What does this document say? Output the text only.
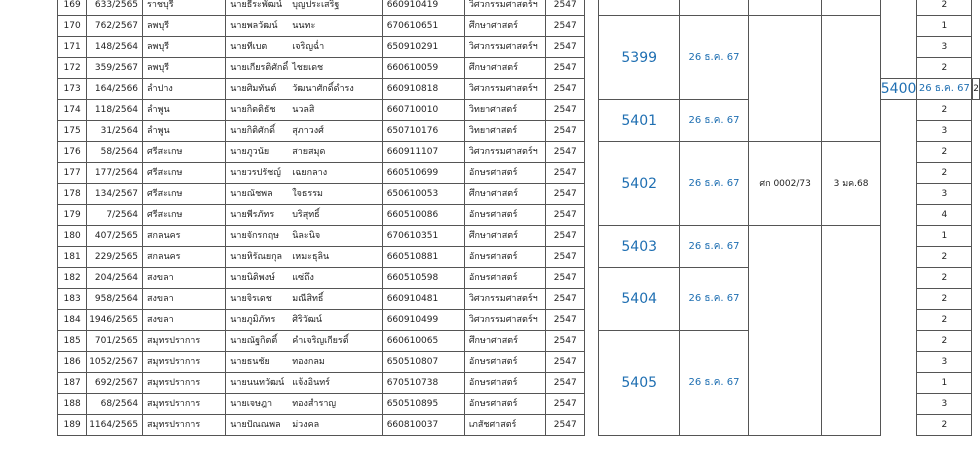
169	633/2565	ราชบุรี	นายธีระพัฒน์	บุญประเสริฐ	660910419	วิศวกรรมศาสตร์ฯ	2547							2	
170	762/2567	ลพบุรี	นายพลวัฒน์	นนทะ	670610651	ศึกษาศาสตร์	2547		5399	26 ธ.ค. 67				1	
171	148/2564	ลพบุรี	นายทีเบต	เจริญฉ่ำ	650910291	วิศวกรรมศาสตร์ฯ	2547							3	
172	359/2567	ลพบุรี	นายเกียรติศักดิ์	ไชยเดช	660610059	ศึกษาศาสตร์	2547							2	
173	164/2566	ลำปาง	นายศิมทันต์	วัฒนาศักดิ์ดำรง	660910818	วิศวกรรมศาสตร์ฯ	2547						5400	26 ธ.ค. 67		2
174	118/2564	ลำพูน	นายกิตติธัช	นวลสิ	660710010	วิทยาศาสตร์	2547		5401	26 ธ.ค. 67				2	
175	31/2564	ลำพูน	นายกิติศักดิ์	สุภาวงศ์	650710176	วิทยาศาสตร์	2547							3	
176	58/2564	ศรีสะเกษ	นายภูวนัย	สายสมุด	660911107	วิศวกรรมศาสตร์ฯ	2547		5402	26 ธ.ค. 67	ศก 0002/73	3 มค.68		2	
177	177/2564	ศรีสะเกษ	นายวรปรัชญ์	เฉยกลาง	660510699	อักษรศาสตร์	2547							2	
178	134/2567	ศรีสะเกษ	นายณัชพล	ใจธรรม	650610053	ศึกษาศาสตร์	2547							3	
179	7/2564	ศรีสะเกษ	นายพีรภัทร	บริสุทธิ์	660510086	อักษรศาสตร์	2547							4	
180	407/2565	สกลนคร	นายจักรกฤษ	นิละนิจ	670610351	ศึกษาศาสตร์	2547		5403	26 ธ.ค. 67				1	
181	229/2565	สกลนคร	นายหิรัณยกุล	เหมะธุลิน	660510881	อักษรศาสตร์	2547							2	
182	204/2564	สงขลา	นายนิติพงษ์	แซ่ถึง	660510598	อักษรศาสตร์	2547		5404	26 ธ.ค. 67				2	
183	958/2564	สงขลา	นายจิรเดช	มณีสิทธิ์	660910481	วิศวกรรมศาสตร์ฯ	2547							2	
184	1946/2565	สงขลา	นายภูมิภัทร	ศิริวัฒน์	660910499	วิศวกรรมศาสตร์ฯ	2547							2	
185	701/2565	สมุทรปราการ	นายณัฐกิตติ์	คำเจริญเกียรติ์	660610065	ศึกษาศาสตร์	2547		5405	26 ธ.ค. 67				2	
186	1052/2567	สมุทรปราการ	นายธนชัย	ทองกลม	650510807	อักษรศาสตร์	2547							3	
187	692/2567	สมุทรปราการ	นายนนทวัฒน์	แจ้งอินทร์	670510738	อักษรศาสตร์	2547							1	
188	68/2564	สมุทรปราการ	นายเจษฎา	ทองสำราญ	650510895	อักษรศาสตร์	2547							3	
189	1164/2565	สมุทรปราการ	นายปัณณพล	ม่วงคล	660810037	เภสัชศาสตร์	2547							2	
